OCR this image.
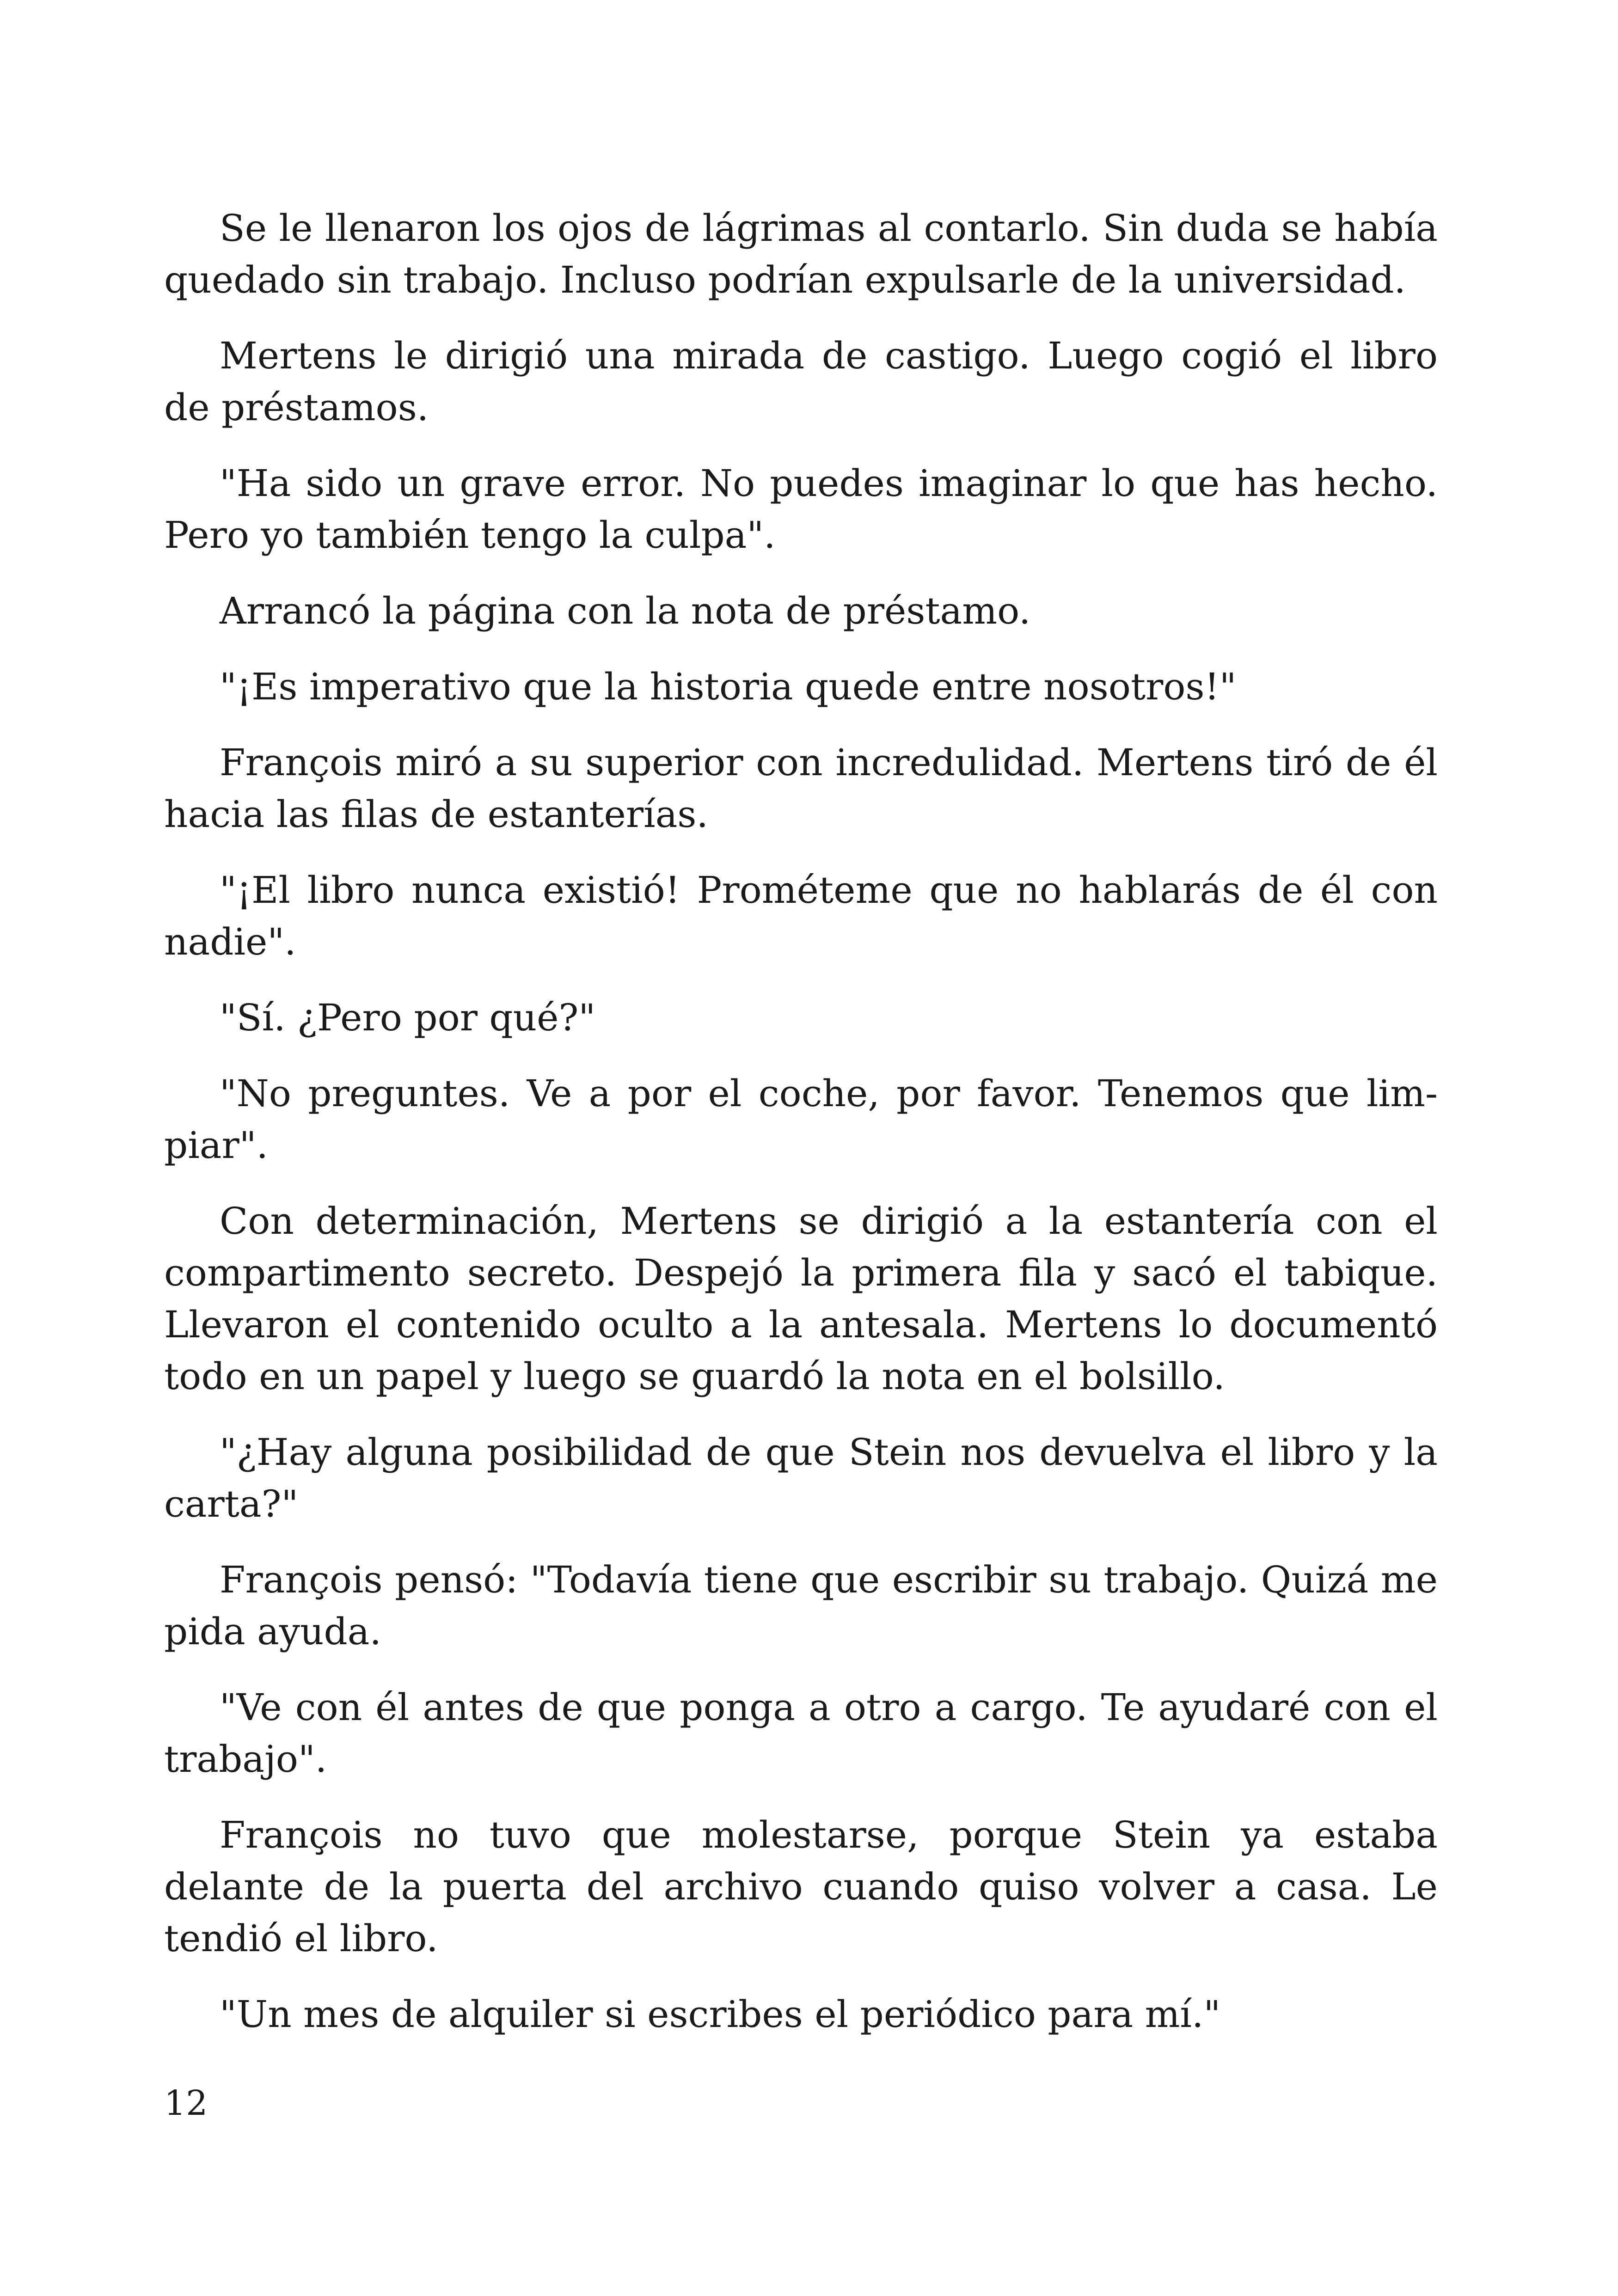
Se le llenaron los ojos de lágrimas al contarlo. Sin duda se había quedado sin trabajo. Incluso podrían expulsarle de la universidad.

Mertens le dirigió una mirada de castigo. Luego cogió el libro de préstamos.

"Ha sido un grave error. No puedes imaginar lo que has hecho. Pero yo también tengo la culpa".

Arrancó la página con la nota de préstamo.

"¡Es imperativo que la historia quede entre nosotros!"

François miró a su superior con incredulidad. Mertens tiró de él hacia las filas de estanterías.

"¡El libro nunca existió! Prométeme que no hablarás de él con nadie".

"Sí. ¿Pero por qué?"

"No preguntes. Ve a por el coche, por favor. Tenemos que limpiar".

Con determinación, Mertens se dirigió a la estantería con el compartimento secreto. Despejó la primera fila y sacó el tabique. Llevaron el contenido oculto a la antesala. Mertens lo documentó todo en un papel y luego se guardó la nota en el bolsillo.

"¿Hay alguna posibilidad de que Stein nos devuelva el libro y la carta?"

François pensó: "Todavía tiene que escribir su trabajo. Quizá me pida ayuda.

"Ve con él antes de que ponga a otro a cargo. Te ayudaré con el trabajo".

François no tuvo que molestarse, porque Stein ya estaba delante de la puerta del archivo cuando quiso volver a casa. Le tendió el libro.

"Un mes de alquiler si escribes el periódico para mí."

12
